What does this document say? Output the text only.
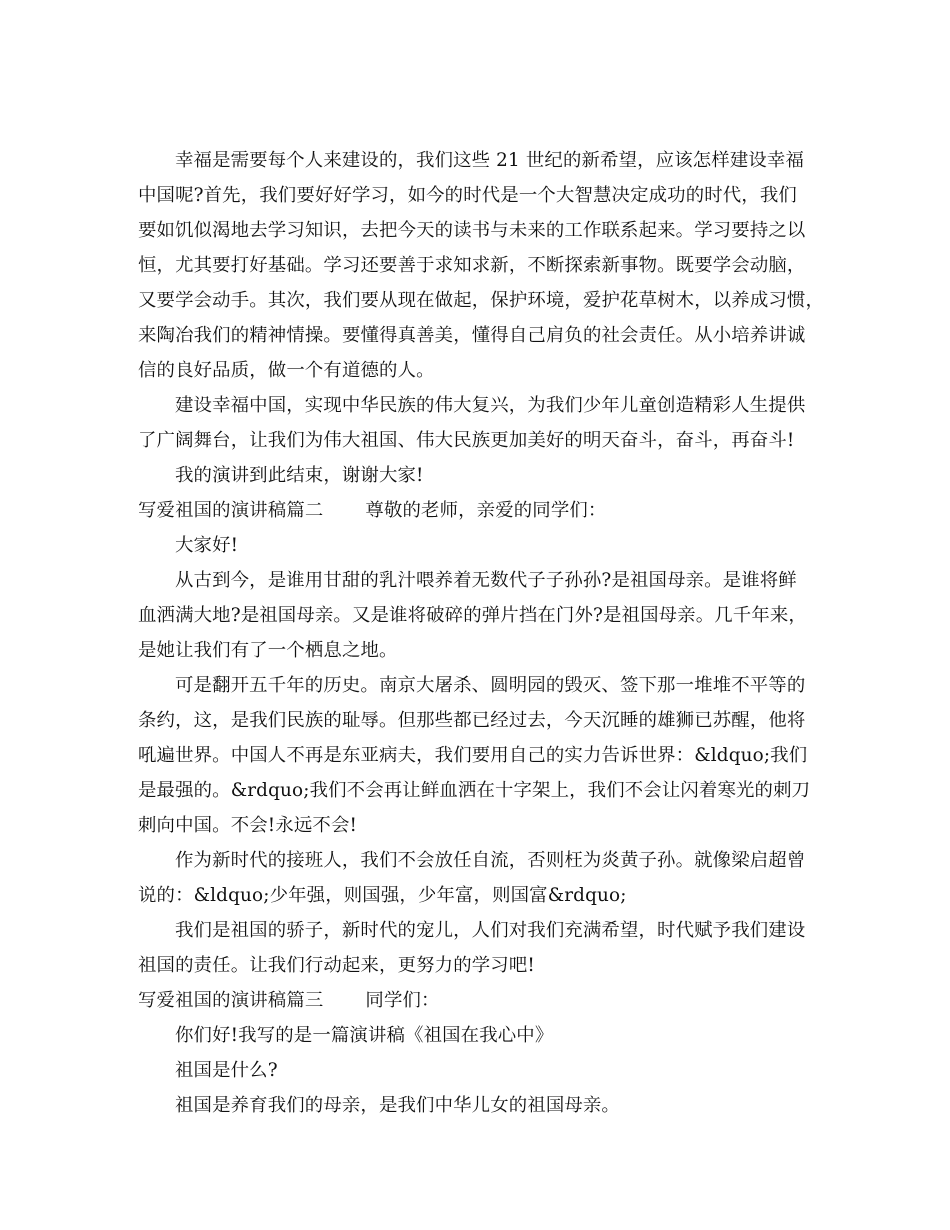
幸福是需要每个人来建设的，我们这些 21 世纪的新希望，应该怎样建设幸福
中国呢?首先，我们要好好学习，如今的时代是一个大智慧决定成功的时代，我们
要如饥似渴地去学习知识，去把今天的读书与未来的工作联系起来。学习要持之以
恒，尤其要打好基础。学习还要善于求知求新，不断探索新事物。既要学会动脑，
又要学会动手。其次，我们要从现在做起，保护环境，爱护花草树木，以养成习惯，
来陶冶我们的精神情操。要懂得真善美，懂得自己肩负的社会责任。从小培养讲诚
信的良好品质，做一个有道德的人。
建设幸福中国，实现中华民族的伟大复兴，为我们少年儿童创造精彩人生提供
了广阔舞台，让我们为伟大祖国、伟大民族更加美好的明天奋斗，奋斗，再奋斗!
我的演讲到此结束，谢谢大家!
写爱祖国的演讲稿篇二 尊敬的老师，亲爱的同学们：
大家好!
从古到今，是谁用甘甜的乳汁喂养着无数代子子孙孙?是祖国母亲。是谁将鲜
血洒满大地?是祖国母亲。又是谁将破碎的弹片挡在门外?是祖国母亲。几千年来，
是她让我们有了一个栖息之地。
可是翻开五千年的历史。南京大屠杀、圆明园的毁灭、签下那一堆堆不平等的
条约，这，是我们民族的耻辱。但那些都已经过去，今天沉睡的雄狮已苏醒，他将
吼遍世界。中国人不再是东亚病夫，我们要用自己的实力告诉世界：&ldquo;我们
是最强的。&rdquo;我们不会再让鲜血洒在十字架上，我们不会让闪着寒光的刺刀
刺向中国。不会!永远不会!
作为新时代的接班人，我们不会放任自流，否则枉为炎黄子孙。就像梁启超曾
说的：&ldquo;少年强，则国强，少年富，则国富&rdquo;
我们是祖国的骄子，新时代的宠儿，人们对我们充满希望，时代赋予我们建设
祖国的责任。让我们行动起来，更努力的学习吧!
写爱祖国的演讲稿篇三 同学们：
你们好!我写的是一篇演讲稿《祖国在我心中》
祖国是什么?
祖国是养育我们的母亲，是我们中华儿女的祖国母亲。
